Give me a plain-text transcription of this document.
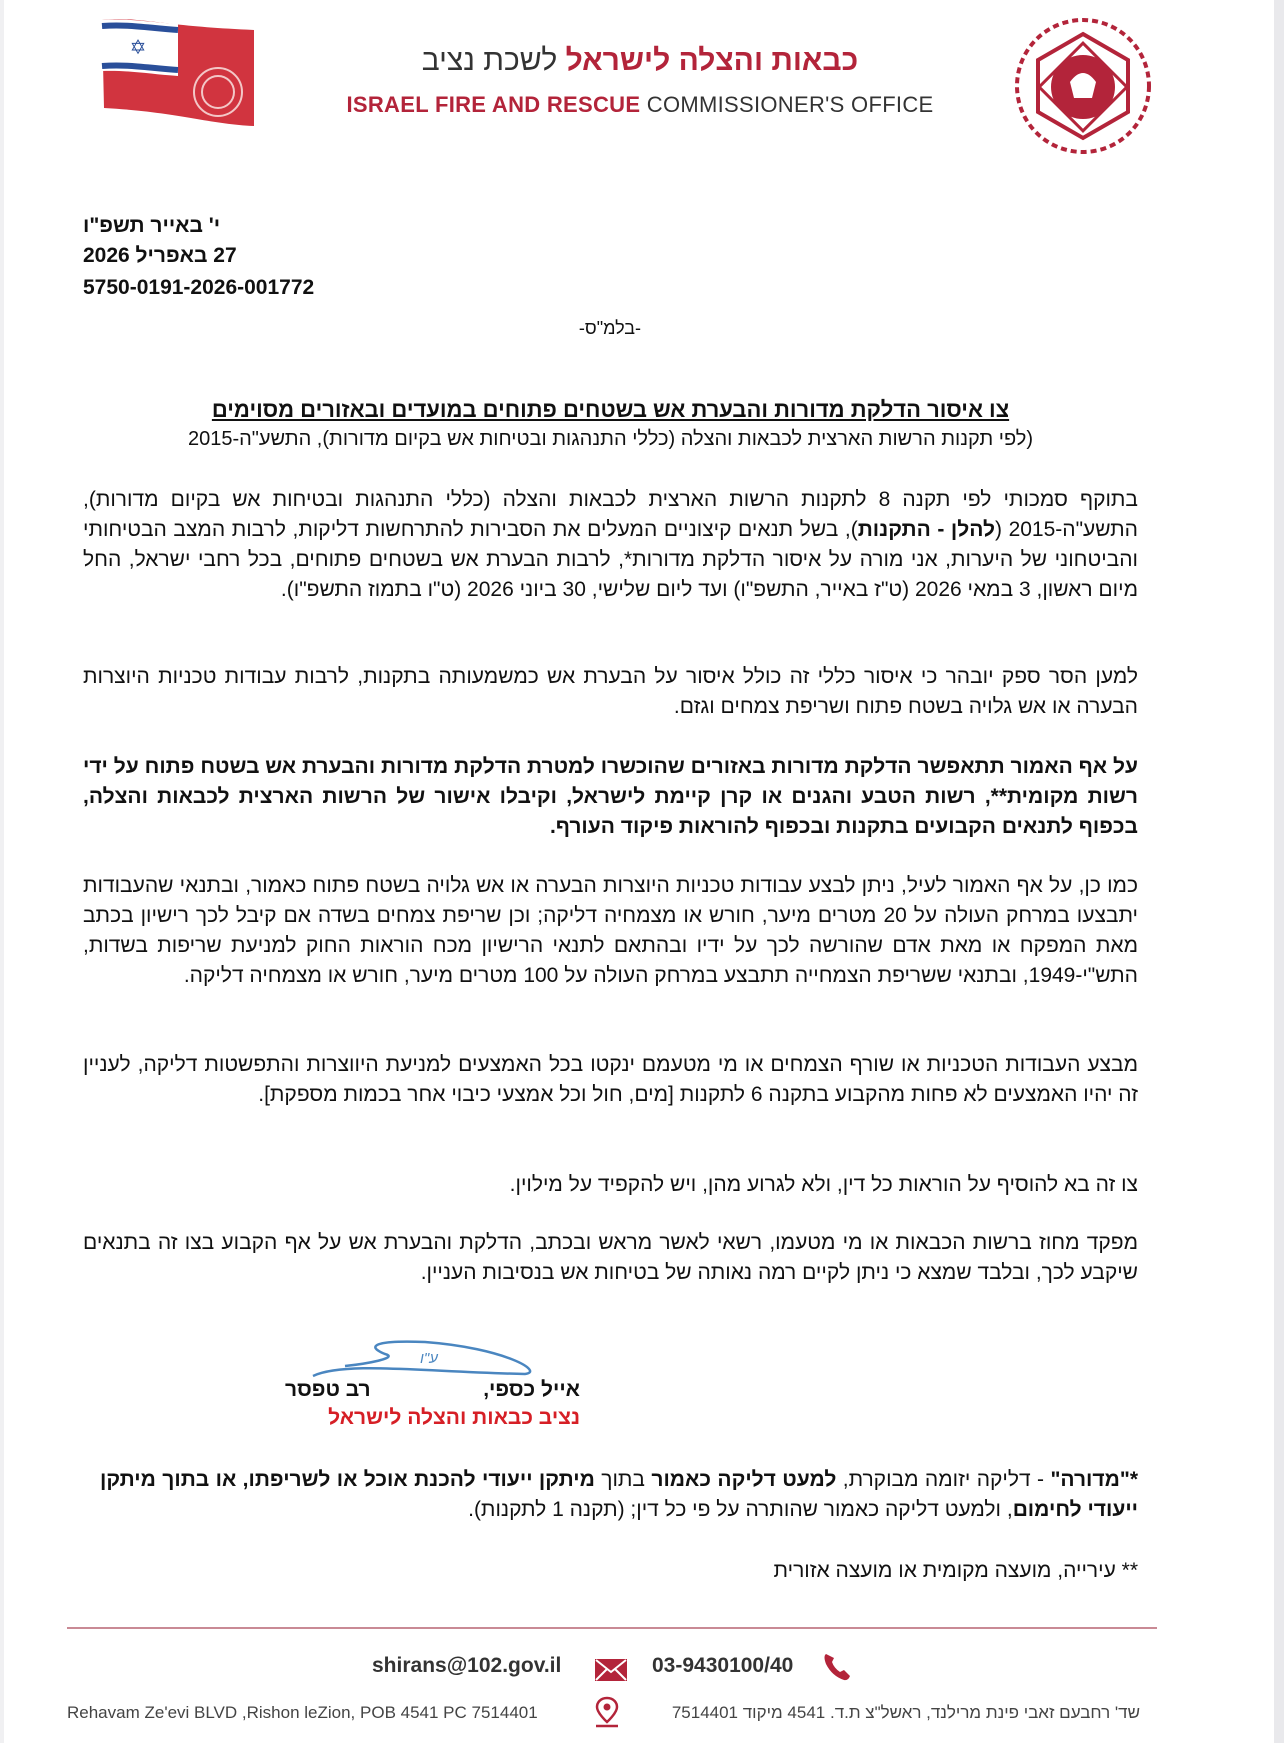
✡	כבאות והצלה לישראל לשכת נציב
ISRAEL FIRE AND RESCUE COMMISSIONER'S OFFICE
י' באייר תשפ"ו
27 באפריל 2026
5750-0191-2026-001772
-בלמ"ס-
צו איסור הדלקת מדורות והבערת אש בשטחים פתוחים במועדים ובאזורים מסוימים
(לפי תקנות הרשות הארצית לכבאות והצלה (כללי התנהגות ובטיחות אש בקיום מדורות), התשע"ה-2015
בתוקף סמכותי לפי תקנה 8 לתקנות הרשות הארצית לכבאות והצלה (כללי התנהגות ובטיחות אש בקיום מדורות), התשע"ה-2015 (להלן - התקנות), בשל תנאים קיצוניים המעלים את הסבירות להתרחשות דליקות, לרבות המצב הבטיחותי והביטחוני של היערות, אני מורה על איסור הדלקת מדורות*, לרבות הבערת אש בשטחים פתוחים, בכל רחבי ישראל, החל מיום ראשון, 3 במאי 2026 (ט"ז באייר, התשפ"ו) ועד ליום שלישי, 30 ביוני 2026 (ט"ו בתמוז התשפ"ו).
למען הסר ספק יובהר כי איסור כללי זה כולל איסור על הבערת אש כמשמעותה בתקנות, לרבות עבודות טכניות היוצרות הבערה או אש גלויה בשטח פתוח ושריפת צמחים וגזם.
על אף האמור תתאפשר הדלקת מדורות באזורים שהוכשרו למטרת הדלקת מדורות והבערת אש בשטח פתוח על ידי רשות מקומית**, רשות הטבע והגנים או קרן קיימת לישראל, וקיבלו אישור של הרשות הארצית לכבאות והצלה, בכפוף לתנאים הקבועים בתקנות ובכפוף להוראות פיקוד העורף.
כמו כן, על אף האמור לעיל, ניתן לבצע עבודות טכניות היוצרות הבערה או אש גלויה בשטח פתוח כאמור, ובתנאי שהעבודות יתבצעו במרחק העולה על 20 מטרים מיער, חורש או מצמחיה דליקה; וכן שריפת צמחים בשדה אם קיבל לכך רישיון בכתב מאת המפקח או מאת אדם שהורשה לכך על ידיו ובהתאם לתנאי הרישיון מכח הוראות החוק למניעת שריפות בשדות, התש"י-1949, ובתנאי ששריפת הצמחייה תתבצע במרחק העולה על 100 מטרים מיער, חורש או מצמחיה דליקה.
מבצע העבודות הטכניות או שורף הצמחים או מי מטעמם ינקטו בכל האמצעים למניעת היווצרות והתפשטות דליקה, לעניין זה יהיו האמצעים לא פחות מהקבוע בתקנה 6 לתקנות [מים, חול וכל אמצעי כיבוי אחר בכמות מספקת].
צו זה בא להוסיף על הוראות כל דין, ולא לגרוע מהן, ויש להקפיד על מילוין.
מפקד מחוז ברשות הכבאות או מי מטעמו, רשאי לאשר מראש ובכתב, הדלקת והבערת אש על אף הקבוע בצו זה בתנאים שיקבע לכך, ובלבד שמצא כי ניתן לקיים רמה נאותה של בטיחות אש בנסיבות העניין.
ע"ו
אייל כספי,
רב טפסר
נציב כבאות והצלה לישראל
*"מדורה" - דליקה יזומה מבוקרת, למעט דליקה כאמור בתוך מיתקן ייעודי להכנת אוכל או לשריפתו, או בתוך מיתקן ייעודי לחימום, ולמעט דליקה כאמור שהותרה על פי כל דין; (תקנה 1 לתקנות).
** עירייה, מועצה מקומית או מועצה אזורית
shirans@102.gov.il	03-9430100/40
Rehavam Ze'evi BLVD ,Rishon leZion, POB 4541 PC 7514401	שד' רחבעם זאבי פינת מרילנד, ראשל"צ ת.ד. 4541 מיקוד 7514401
